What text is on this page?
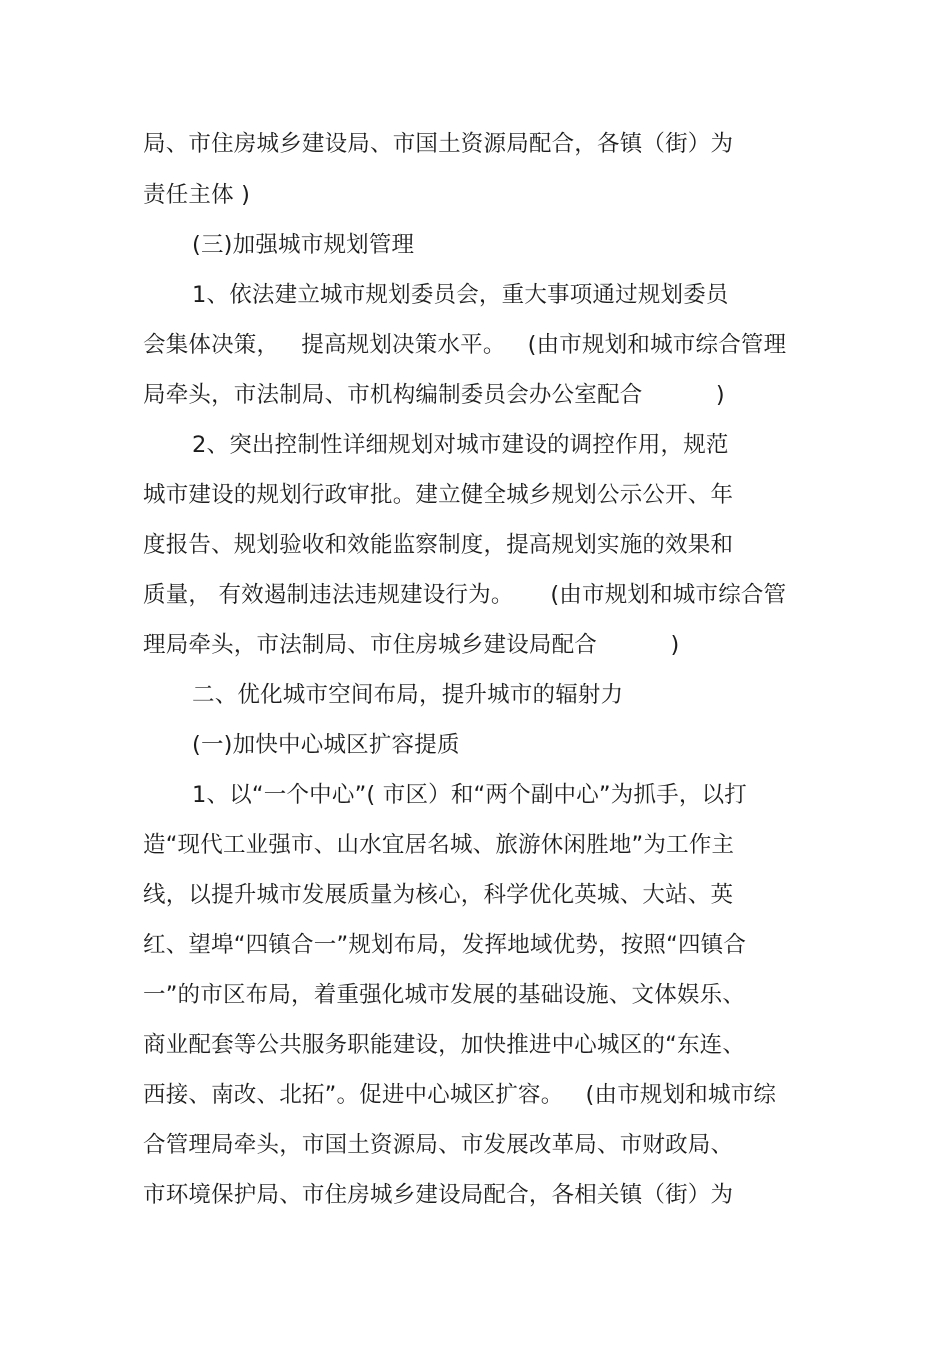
局、市住房城乡建设局、市国土资源局配合，各镇（街）为
责任主体 )
(三)加强城市规划管理
1、依法建立城市规划委员会，重大事项通过规划委员
会集体决策，   提高规划决策水平。   (由市规划和城市综合管理
局牵头，市法制局、市机构编制委员会办公室配合          )
2、突出控制性详细规划对城市建设的调控作用，规范
城市建设的规划行政审批。建立健全城乡规划公示公开、年
度报告、规划验收和效能监察制度，提高规划实施的效果和
质量， 有效遏制违法违规建设行为。     (由市规划和城市综合管
理局牵头，市法制局、市住房城乡建设局配合          )
二、优化城市空间布局，提升城市的辐射力
(一)加快中心城区扩容提质
1、以“一个中心”( 市区）和“两个副中心”为抓手，以打
造“现代工业强市、山水宜居名城、旅游休闲胜地”为工作主
线，以提升城市发展质量为核心，科学优化英城、大站、英
红、望埠“四镇合一”规划布局，发挥地域优势，按照“四镇合
一”的市区布局，着重强化城市发展的基础设施、文体娱乐、
商业配套等公共服务职能建设，加快推进中心城区的“东连、
西接、南改、北拓”。促进中心城区扩容。   (由市规划和城市综
合管理局牵头，市国土资源局、市发展改革局、市财政局、
市环境保护局、市住房城乡建设局配合，各相关镇（街）为
